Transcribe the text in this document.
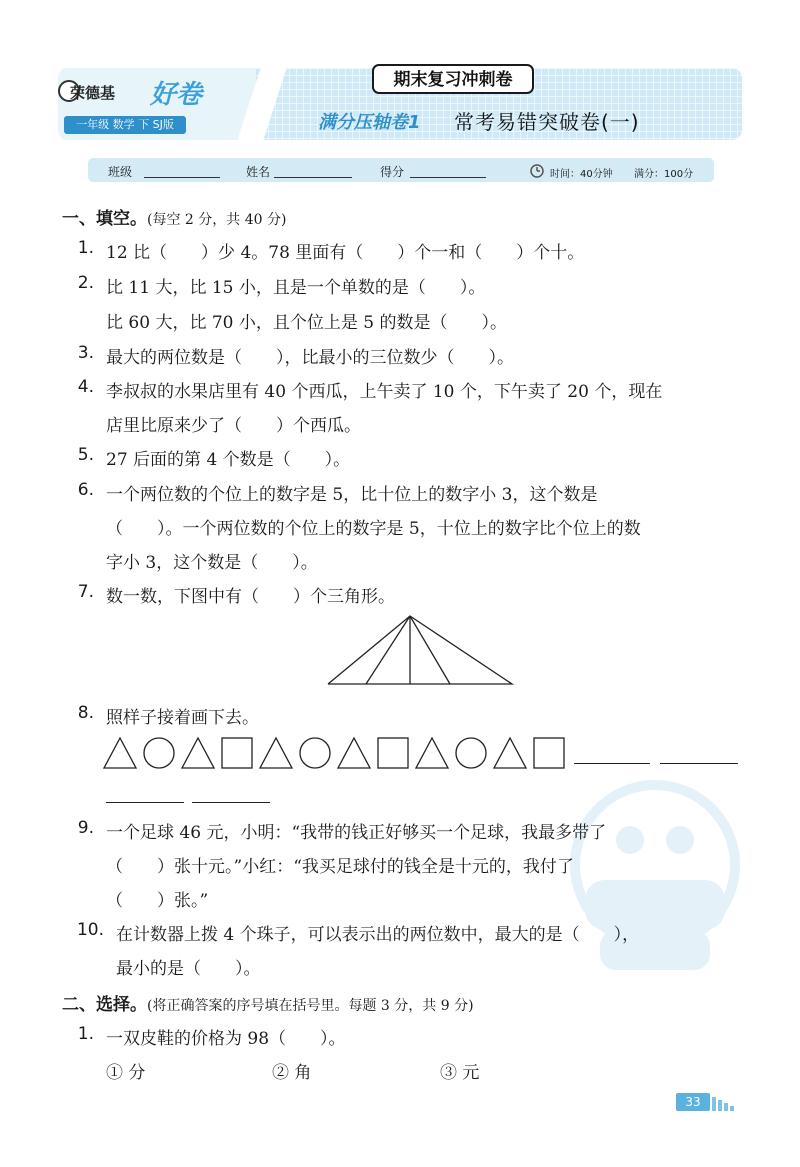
荣德基 好卷
一年级 数学 下 SJ版
期末复习冲刺卷
满分压轴卷1 常考易错突破卷(一)
班级	姓名	得分	时间：40分钟 满分：100分
一、填空。(每空 2 分，共 40 分)
1. 12 比（　　）少 4。78 里面有（　　）个一和（　　）个十。
2. 比 11 大，比 15 小，且是一个单数的是（　　）。
比 60 大，比 70 小，且个位上是 5 的数是（　　）。
3. 最大的两位数是（　　），比最小的三位数少（　　）。
4. 李叔叔的水果店里有 40 个西瓜，上午卖了 10 个，下午卖了 20 个，现在
店里比原来少了（　　）个西瓜。
5. 27 后面的第 4 个数是（　　）。
6. 一个两位数的个位上的数字是 5，比十位上的数字小 3，这个数是
（　　）。一个两位数的个位上的数字是 5，十位上的数字比个位上的数
字小 3，这个数是（　　）。
7. 数一数，下图中有（　　）个三角形。
8. 照样子接着画下去。
9. 一个足球 46 元，小明：“我带的钱正好够买一个足球，我最多带了
（　　）张十元。”小红：“我买足球付的钱全是十元的，我付了
（　　）张。”
10. 在计数器上拨 4 个珠子，可以表示出的两位数中，最大的是（　　），
最小的是（　　）。
二、选择。(将正确答案的序号填在括号里。每题 3 分，共 9 分)
1. 一双皮鞋的价格为 98（　　）。
① 分	② 角	③ 元
33
